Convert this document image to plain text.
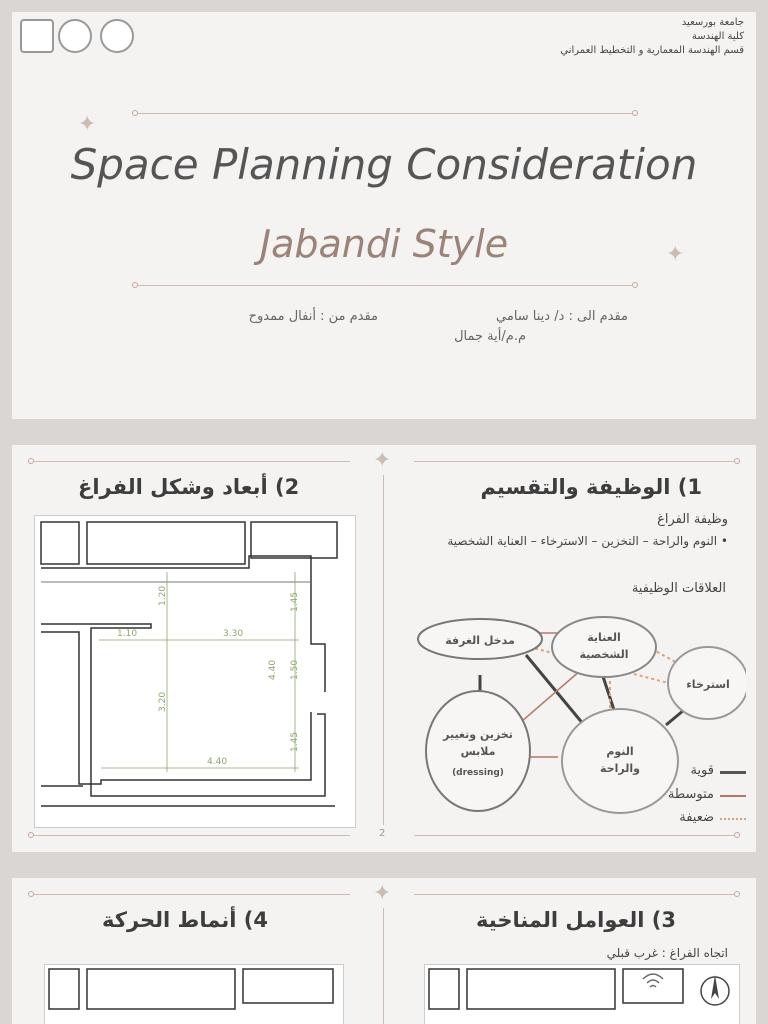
جامعة بورسعيد
كلية الهندسة
قسم الهندسة المعمارية و التخطيط العمراني
✦
Space Planning Consideration
Jabandi Style	✦
مقدم الى : د/ دينا سامي
م.م/أية جمال
مقدم من : أنفال ممدوح
✦
2
1) الوظيفة والتقسيم
2) أبعاد وشكل الفراغ
وظيفة الفراغ
• النوم والراحة – التخزين – الاسترخاء – العناية الشخصية
العلاقات الوظيفية
مدخل الغرفة	العناية
الشخصية
استرخاء
تخزين وتغيير
ملابس
(dressing)
النوم
والراحة	قوية
متوسطة
ضعيفة
1.10	3.30
4.40
1.20	1.45
4.40 1.50
3.20
1.45
✦
3) العوامل المناخية
4) أنماط الحركة
اتجاه الفراغ : غرب قبلي
